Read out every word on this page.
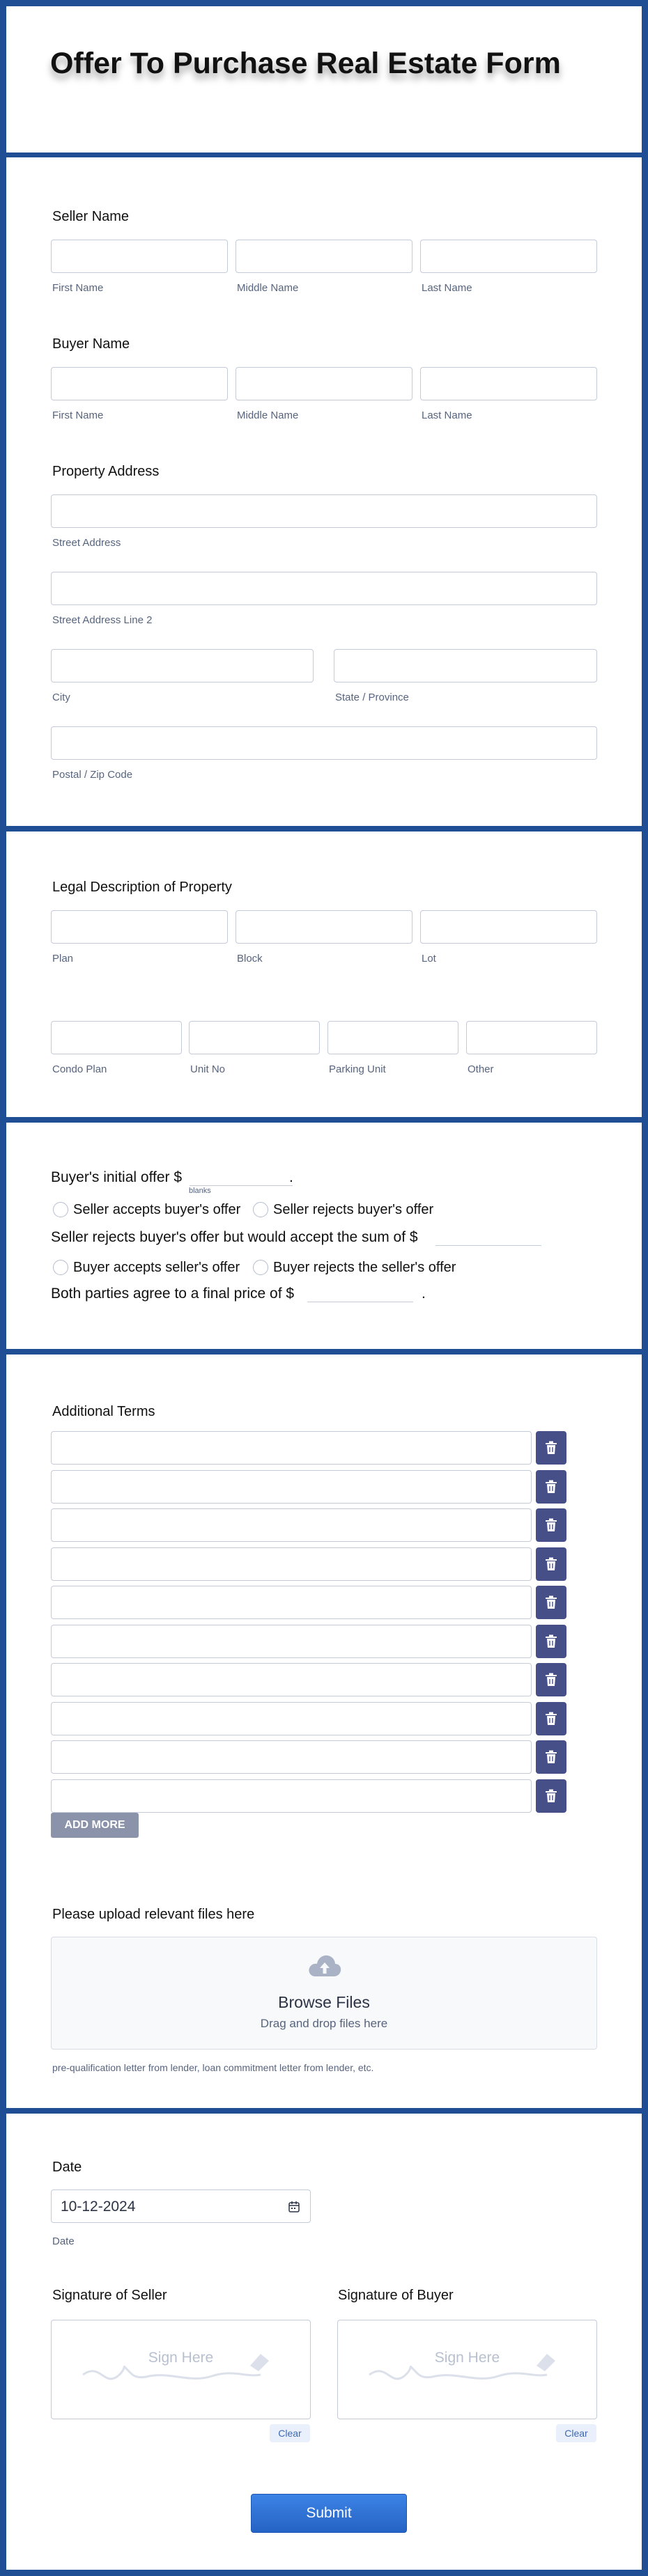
Offer To Purchase Real Estate Form
Seller Name
First Name	Middle Name	Last Name
Buyer Name
First Name	Middle Name	Last Name
Property Address
Street Address
Street Address Line 2
City	State / Province
Postal / Zip Code
Legal Description of Property
Plan	Block	Lot
Condo Plan	Unit No	Parking Unit	Other
Buyer's initial offer $	.
blanks
Seller accepts buyer's offer Seller rejects buyer's offer
Seller rejects buyer's offer but would accept the sum of $
Buyer accepts seller's offer Buyer rejects the seller's offer
Both parties agree to a final price of $	.
Additional Terms
ADD MORE
Please upload relevant files here
Browse Files
Drag and drop files here
pre-qualification letter from lender, loan commitment letter from lender, etc.
Date
10-12-2024
Date
Signature of Seller	Signature of Buyer
Sign Here
Clear
Sign Here
Clear
Submit
